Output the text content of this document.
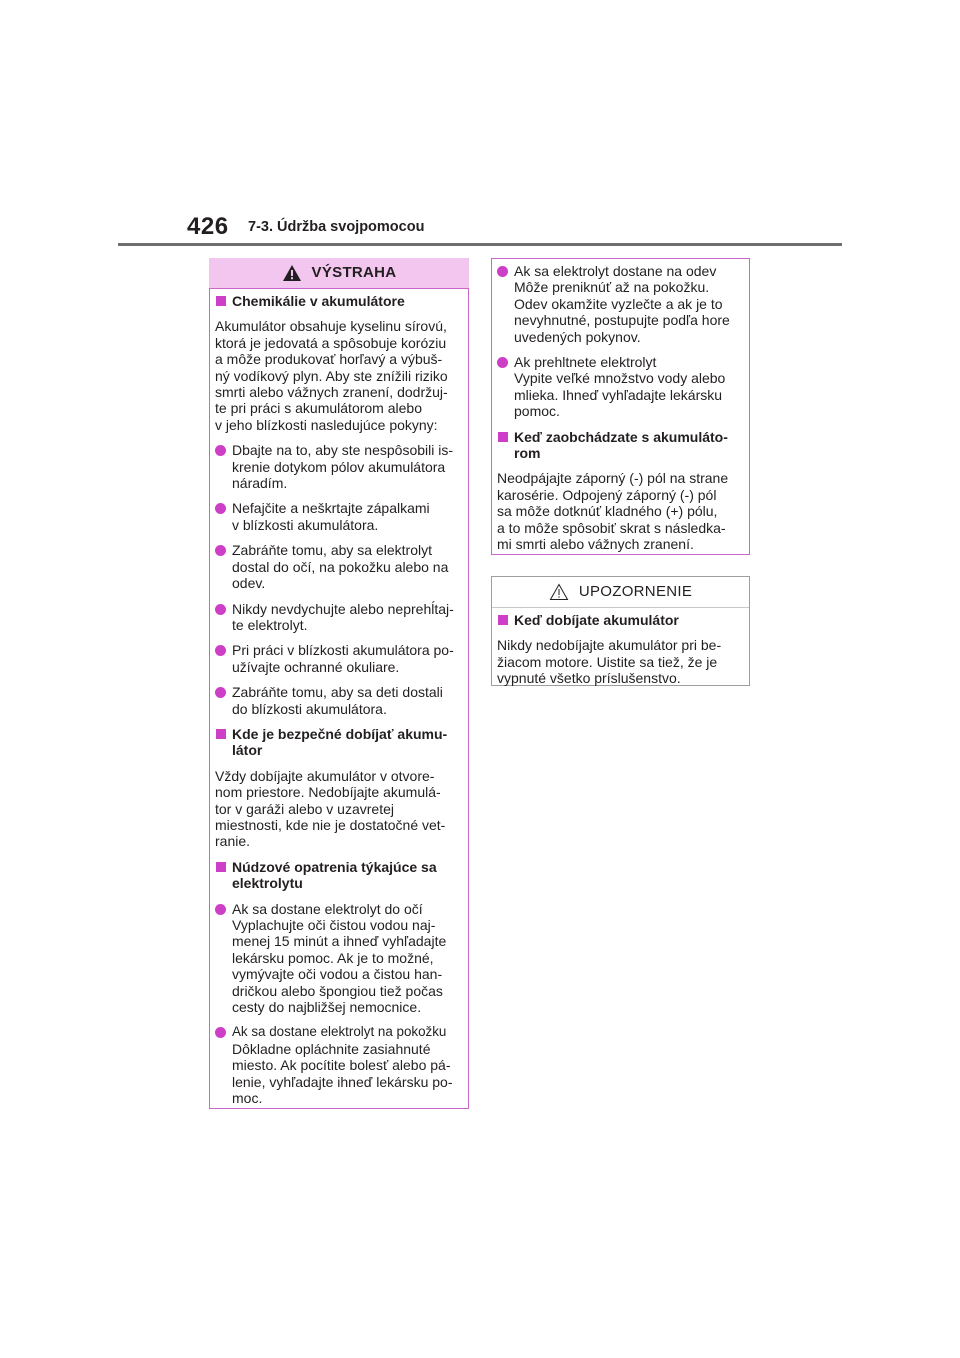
426 7-3. Údržba svojpomocou
VÝSTRAHA
Chemikálie v akumulátore
Akumulátor obsahuje kyselinu sírovú,
ktorá je jedovatá a spôsobuje koróziu
a môže produkovať horľavý a výbuš-
ný vodíkový plyn. Aby ste znížili riziko
smrti alebo vážnych zranení, dodržuj-
te pri práci s akumulátorom alebo
v jeho blízkosti nasledujúce pokyny:
Dbajte na to, aby ste nespôsobili is-
krenie dotykom pólov akumulátora
náradím.
Nefajčite a neškrtajte zápalkami
v blízkosti akumulátora.
Zabráňte tomu, aby sa elektrolyt
dostal do očí, na pokožku alebo na
odev.
Nikdy nevdychujte alebo neprehĺtaj-
te elektrolyt.
Pri práci v blízkosti akumulátora po-
užívajte ochranné okuliare.
Zabráňte tomu, aby sa deti dostali
do blízkosti akumulátora.
Kde je bezpečné dobíjať akumu-
látor
Vždy dobíjajte akumulátor v otvore-
nom priestore. Nedobíjajte akumulá-
tor v garáži alebo v uzavretej
miestnosti, kde nie je dostatočné vet-
ranie.
Núdzové opatrenia týkajúce sa
elektrolytu
Ak sa dostane elektrolyt do očí
Vyplachujte oči čistou vodou naj-
menej 15 minút a ihneď vyhľadajte
lekársku pomoc. Ak je to možné,
vymývajte oči vodou a čistou han-
dričkou alebo špongiou tiež počas
cesty do najbližšej nemocnice.
Ak sa dostane elektrolyt na pokožku
Dôkladne opláchnite zasiahnuté
miesto. Ak pocítite bolesť alebo pá-
lenie, vyhľadajte ihneď lekársku po-
moc.
Ak sa elektrolyt dostane na odev
Môže preniknúť až na pokožku.
Odev okamžite vyzlečte a ak je to
nevyhnutné, postupujte podľa hore
uvedených pokynov.
Ak prehltnete elektrolyt
Vypite veľké množstvo vody alebo
mlieka. Ihneď vyhľadajte lekársku
pomoc.
Keď zaobchádzate s akumuláto-
rom
Neodpájajte záporný (-) pól na strane
karosérie. Odpojený záporný (-) pól
sa môže dotknúť kladného (+) pólu,
a to môže spôsobiť skrat s následka-
mi smrti alebo vážnych zranení.
UPOZORNENIE
Keď dobíjate akumulátor
Nikdy nedobíjajte akumulátor pri be-
žiacom motore. Uistite sa tiež, že je
vypnuté všetko príslušenstvo.
